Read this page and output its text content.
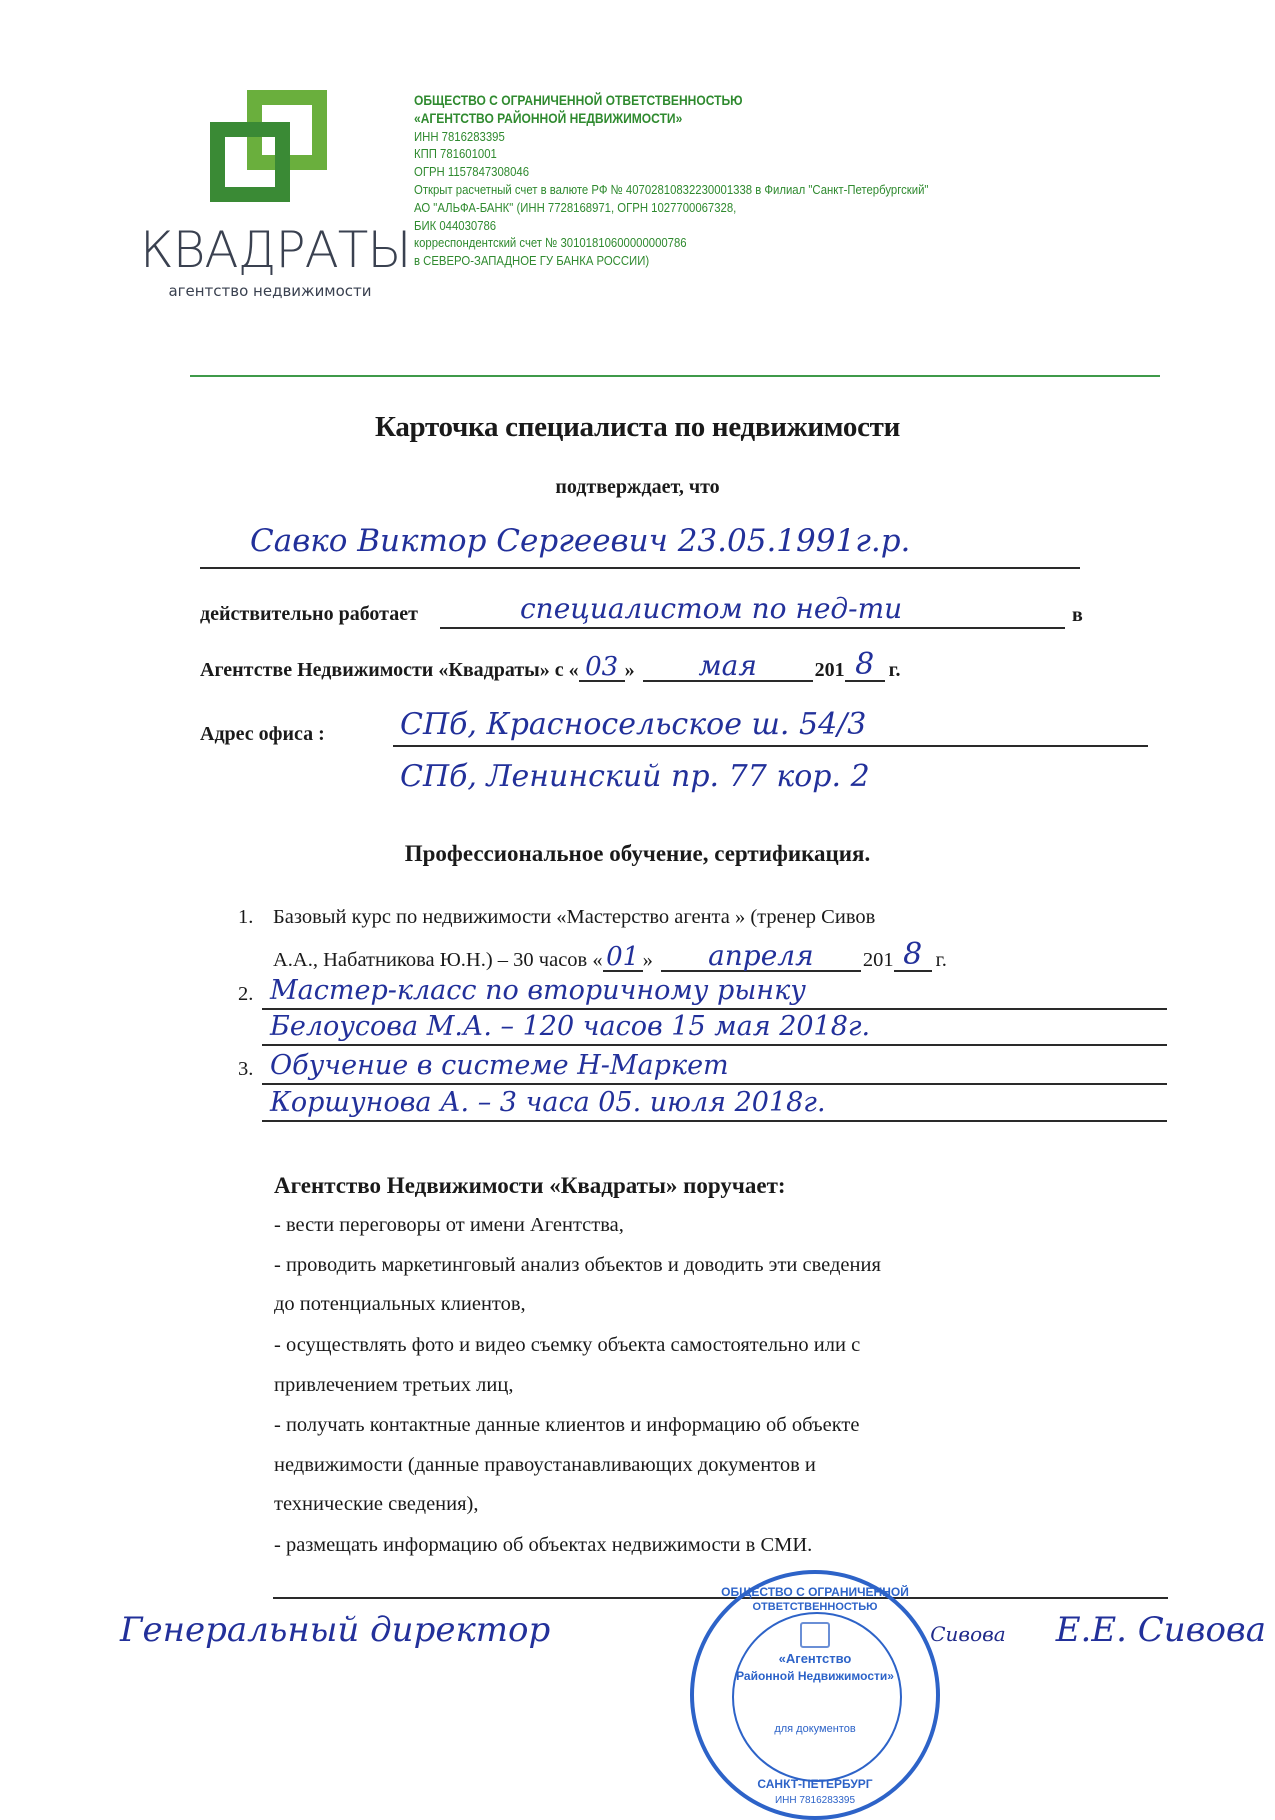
КВАДРАТЫ
агентство недвижимости
ОБЩЕСТВО С ОГРАНИЧЕННОЙ ОТВЕТСТВЕННОСТЬЮ
«АГЕНТСТВО РАЙОННОЙ НЕДВИЖИМОСТИ»
ИНН 7816283395
КПП 781601001
ОГРН 1157847308046
Открыт расчетный счет в валюте РФ № 40702810832230001338 в Филиал "Санкт-Петербургский"
АО "АЛЬФА-БАНК" (ИНН 7728168971, ОГРН 1027700067328,
БИК 044030786
корреспондентский счет № 30101810600000000786
в СЕВЕРО-ЗАПАДНОЕ ГУ БАНКА РОССИИ)
Карточка специалиста по недвижимости
подтверждает, что
Савко Виктор Сергеевич 23.05.1991г.р.
действительно работает	специалистом по нед-ти	в
Агентстве Недвижимости «Квадраты» с « 03 »	мая	201 8 г.
Адрес офиса :	СПб, Красносельское ш. 54/3
СПб, Ленинский пр. 77 кор. 2
Профессиональное обучение, сертификация.
1. Базовый курс по недвижимости «Мастерство агента » (тренер Сивов
А.А., Набатникова Ю.Н.) – 30 часов « 01 »	апреля	201 8 г.
2. Мастер-класс по вторичному рынку
Белоусова М.А. – 120 часов 15 мая 2018г.
3. Обучение в системе Н-Маркет
Коршунова А. – 3 часа 05. июля 2018г.
Агентство Недвижимости «Квадраты» поручает:
- вести переговоры от имени Агентства,
- проводить маркетинговый анализ объектов и доводить эти сведения
до потенциальных клиентов,
- осуществлять фото и видео съемку объекта самостоятельно или с
привлечением третьих лиц,
- получать контактные данные клиентов и информацию об объекте
недвижимости (данные правоустанавливающих документов и
технические сведения),
- размещать информацию об объектах недвижимости в СМИ.
ОБЩЕСТВО С ОГРАНИЧЕННОЙ
ОТВЕТСТВЕННОСТЬЮ
«Агентство
Районной Недвижимости»
для документов
САНКТ-ПЕТЕРБУРГ
ИНН 7816283395
Генеральный директор	Сивова Е.Е. Сивова
